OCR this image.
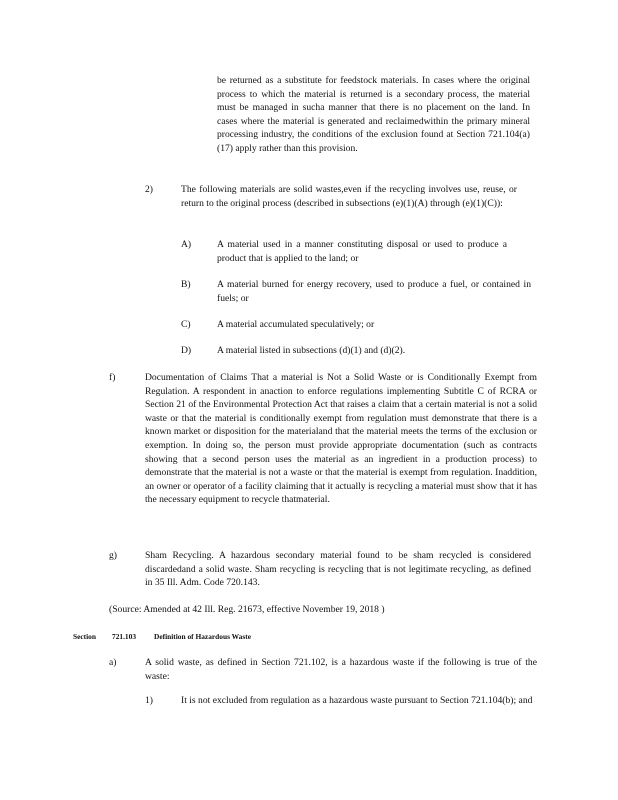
be returned as a substitute for feedstock materials. In cases where the original process to which the material is returned is a secondary process, the material must be managed in sucha manner that there is no placement on the land. In cases where the material is generated and reclaimedwithin the primary mineral processing industry, the conditions of the exclusion found at Section 721.104(a)(17) apply rather than this provision.

2)	The following materials are solid wastes,even if the recycling involves use, reuse, or return to the original process (described in subsections (e)(1)(A) through (e)(1)(C)):

A)	A material used in a manner constituting disposal or used to produce a product that is applied to the land; or

B)	A material burned for energy recovery, used to produce a fuel, or contained in fuels; or

C)	A material accumulated speculatively; or

D)	A material listed in subsections (d)(1) and (d)(2).

f)	Documentation of Claims That a material is Not a Solid Waste or is Conditionally Exempt from Regulation. A respondent in anaction to enforce regulations implementing Subtitle C of RCRA or Section 21 of the Environmental Protection Act that raises a claim that a certain material is not a solid waste or that the material is conditionally exempt from regulation must demonstrate that there is a known market or disposition for the materialand that the material meets the terms of the exclusion or exemption. In doing so, the person must provide appropriate documentation (such as contracts showing that a second person uses the material as an ingredient in a production process) to demonstrate that the material is not a waste or that the material is exempt from regulation. Inaddition, an owner or operator of a facility claiming that it actually is recycling a material must show that it has the necessary equipment to recycle thatmaterial.

g)	Sham Recycling. A hazardous secondary material found to be sham recycled is considered discardedand a solid waste. Sham recycling is recycling that is not legitimate recycling, as defined in 35 Ill. Adm. Code 720.143.

(Source: Amended at 42 Ill. Reg. 21673, effective November 19, 2018 )

Section 721.103 Definition of Hazardous Waste
a)	A solid waste, as defined in Section 721.102, is a hazardous waste if the following is true of the waste:

1)	It is not excluded from regulation as a hazardous waste pursuant to Section 721.104(b); and
